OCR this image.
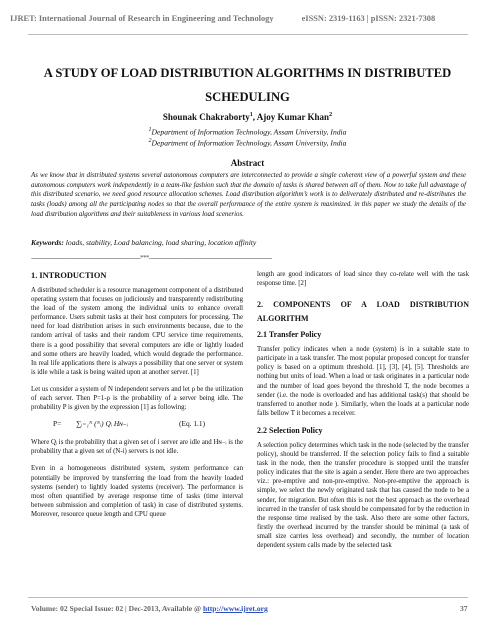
IJRET: International Journal of Research in Engineering and Technology	eISSN: 2319-1163 | pISSN: 2321-7308
A STUDY OF LOAD DISTRIBUTION ALGORITHMS IN DISTRIBUTED SCHEDULING
Shounak Chakraborty$^1$, Ajoy Kumar Khan$^2$
$^1$Department of Information Technology, Assam University, India
$^2$Department of Information Technology, Assam University, India
Abstract
As we know that in distributed systems several autonomous computers are interconnected to provide a single coherent view of a powerful system and these autonomous computers work independently in a team-like fashion such that the domain of tasks is shared between all of them. Now to take full advantage of this distributed scenario, we need good resource allocation schemes. Load distribution algorithm’s work is to deliverately distributed and re-distributes the tasks (loads) among all the participating nodes so that the overall performance of the entire system is maximized. in this paper we study the details of the load distribution algorithms and their suitableness in various load scenerios.
Keywords: loads, stability, Load balancing, load sharing, location affinity
---------------------------------------------------------------***-----------------------------------------------------------------------

1. INTRODUCTION

A distributed scheduler is a resource management component of a distributed operating system that focuses on judiciously and transparently redistributing the load of the system among the individual units to enhance overall performance. Users submit tasks at their host computers for processing. The need for load distribution arises in such environments because, due to the random arrival of tasks and their random CPU service time requirements, there is a good possibility that several computers are idle or lightly loaded and some others are heavily loaded, which would degrade the performance. In real life applications there is always a possibility that one server or system is idle while a task is being waited upon at another server. [1]

Let us consider a system of N independent servers and let ρ be the utilization of each server. Then P=1-ρ is the probability of a server being idle. The probability P is given by the expression [1] as following:

P= ∑ᵢ₌₁ᴺ (ᴺᵢ) Qᵢ Hɴ₋ᵢ	(Eq. 1.1)

Where Qᵢ is the probability that a given set of i server are idle and Hɴ₋ᵢ is the probability that a given set of (N-i) servers is not idle.

Even in a homogeneous distributed system, system performance can potentially be improved by transferring the load from the heavily loaded systems (sender) to lightly loaded systems (receiver). The performance is most often quantified by average response time of tasks (time interval between submission and completion of task) in case of distributed systems. Moreover, resource queue length and CPU queue

length are good indicators of load since they co-relate well with the task response time. [2]

2. COMPONENTS OF A LOAD DISTRIBUTION ALGORITHM

2.1 Transfer Policy

Transfer policy indicates when a node (system) is in a suitable state to participate in a task transfer. The most popular proposed concept for transfer policy is based on a optimum threshold. [1], [3], [4], [5]. Thresholds are nothing but units of load. When a load or task originates in a particular node and the number of load goes beyond the threshold T, the node becomes a sender (i.e. the node is overloaded and has additional task(s) that should be transferred to another node ). Similarly, when the loads at a particular node falls bellow T it becomes a receiver.

2.2 Selection Policy

A selection policy determines which task in the node (selected by the transfer policy), should be transferred. If the selection policy fails to find a suitable task in the node, then the transfer procedure is stopped until the transfer policy indicates that the site is again a sender. Here there are two approaches viz.: pre-emptive and non-pre-emptive. Non-pre-emptive the approach is simple, we select the newly originated task that has caused the node to be a sender, for migration. But often this is not the best approach as the overhead incurred in the transfer of task should be compensated for by the reduction in the response time realised by the task. Also there are some other factors, firstly the overhead incurred by the transfer should be minimal (a task of small size carries less overhead) and secondly, the number of location dependent system calls made by the selected task

Volume: 02 Special Issue: 02 | Dec-2013, Available @ http://www.ijret.org	37
